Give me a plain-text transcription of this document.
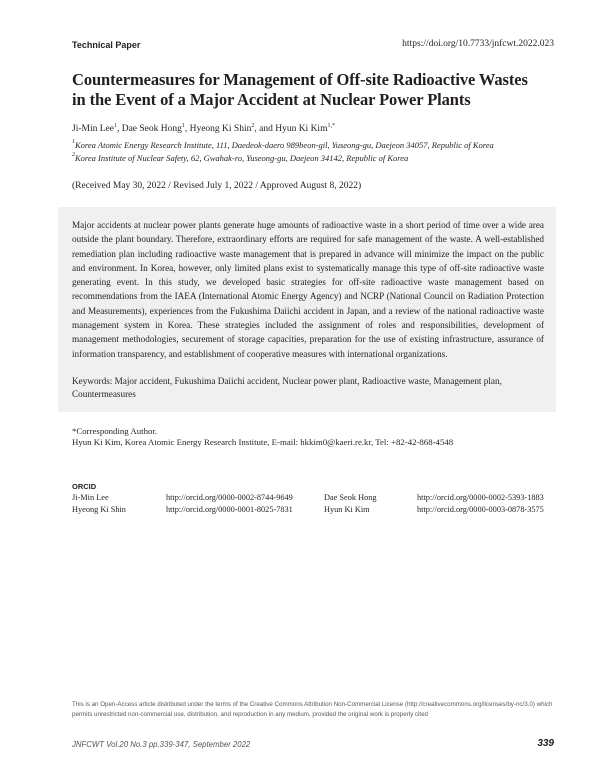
Technical Paper	https://doi.org/10.7733/jnfcwt.2022.023
Countermeasures for Management of Off-site Radioactive Wastes in the Event of a Major Accident at Nuclear Power Plants
Ji-Min Lee$^1$, Dae Seok Hong$^1$, Hyeong Ki Shin$^2$, and Hyun Ki Kim$^{1,*}$
$^1$Korea Atomic Energy Research Institute, 111, Daedeok-daero 989beon-gil, Yuseong-gu, Daejeon 34057, Republic of Korea
$^2$Korea Institute of Nuclear Safety, 62, Gwahak-ro, Yuseong-gu, Daejeon 34142, Republic of Korea
(Received May 30, 2022 / Revised July 1, 2022 / Approved August 8, 2022)
Major accidents at nuclear power plants generate huge amounts of radioactive waste in a short period of time over a wide area outside the plant boundary. Therefore, extraordinary efforts are required for safe management of the waste. A well-established remediation plan including radioactive waste management that is prepared in advance will minimize the impact on the public and environment. In Korea, however, only limited plans exist to systematically manage this type of off-site radioactive waste generating event. In this study, we developed basic strategies for off-site radioactive waste management based on recommendations from the IAEA (International Atomic Energy Agency) and NCRP (National Council on Radiation Protection and Measurements), experiences from the Fukushima Daiichi accident in Japan, and a review of the national radioactive waste management system in Korea. These strategies included the assignment of roles and responsibilities, development of management methodologies, securement of storage capacities, preparation for the use of existing infrastructure, assurance of information transparency, and establishment of cooperative measures with international organizations.
Keywords: Major accident, Fukushima Daiichi accident, Nuclear power plant, Radioactive waste, Management plan, Countermeasures
*Corresponding Author.
Hyun Ki Kim, Korea Atomic Energy Research Institute, E-mail: hkkim0@kaeri.re.kr, Tel: +82-42-868-4548
ORCID
Ji-Min Lee	http://orcid.org/0000-0002-8744-9649	Dae Seok Hong	http://orcid.org/0000-0002-5393-1883
Hyeong Ki Shin	http://orcid.org/0000-0001-8025-7831	Hyun Ki Kim	http://orcid.org/0000-0003-0878-3575
This is an Open-Access article distributed under the terms of the Creative Commons Attribution Non-Commercial License (http://creativecommons.org/licenses/by-nc/3.0) which permits unrestricted non-commercial use, distribution, and reproduction in any medium, provided the original work is properly cited
JNFCWT Vol.20 No.3 pp.339-347, September 2022	339
